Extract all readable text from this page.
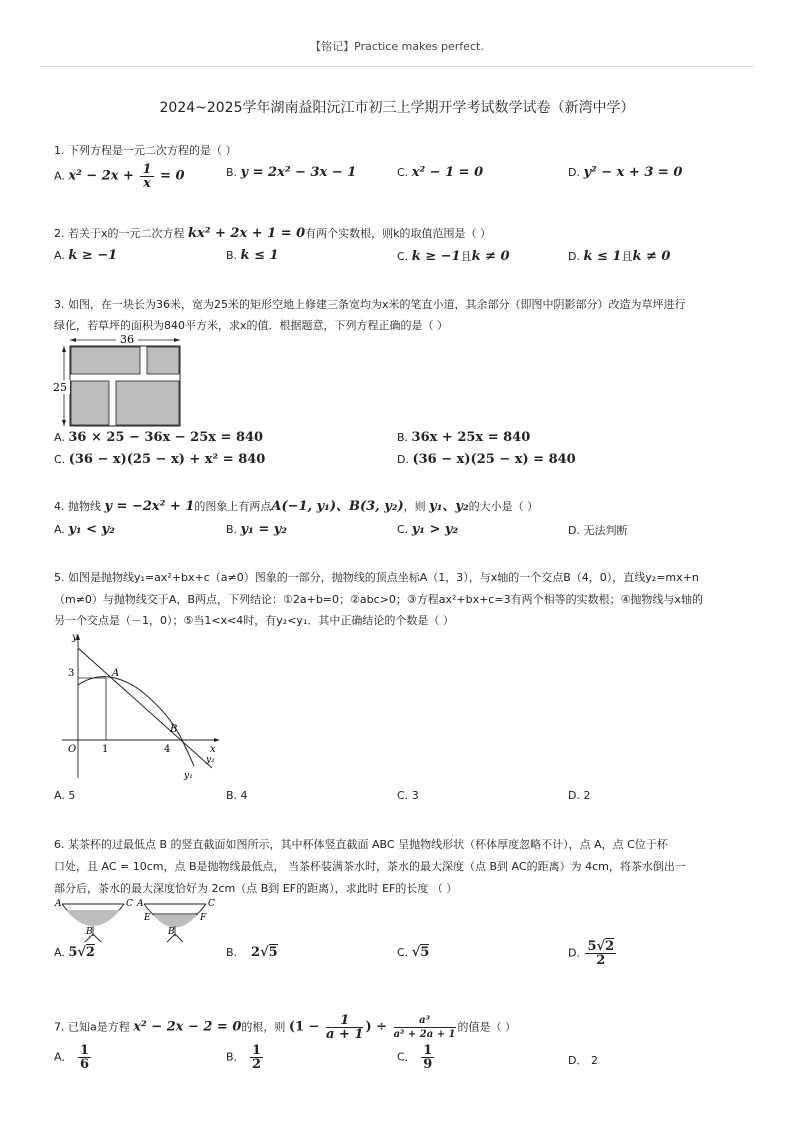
【铭记】Practice makes perfect.
2024~2025学年湖南益阳沅江市初三上学期开学考试数学试卷（新湾中学）
1. 下列方程是一元二次方程的是（ ）
A. $x^2 - 2x + \frac{1}{x} = 0$	B. y = 2x² − 3x − 1	C. x² − 1 = 0	D. y² − x + 3 = 0
2. 若关于x的一元二次方程 kx² + 2x + 1 = 0有两个实数根，则k的取值范围是（ ）
A. k ≥ −1	B. k ≤ 1	C. k ≥ −1且k ≠ 0	D. k ≤ 1且k ≠ 0
3. 如图，在一块长为36米，宽为25米的矩形空地上修建三条宽均为x米的笔直小道，其余部分（即图中阴影部分）改造为草坪进行
绿化，若草坪的面积为840平方米，求x的值．根据题意，下列方程正确的是（ ）
36
25
A. 36 × 25 − 36x − 25x = 840	B. 36x + 25x = 840
C. (36 − x)(25 − x) + x² = 840	D. (36 − x)(25 − x) = 840
4. 抛物线 y = −2x² + 1的图象上有两点A(−1, y₁)、B(3, y₂)，则 y₁、y₂的大小是（ ）
A. y₁ < y₂	B. y₁ = y₂	C. y₁ > y₂	D. 无法判断
5. 如图是抛物线y₁=ax²+bx+c（a≠0）图象的一部分，抛物线的顶点坐标A（1，3），与x轴的一个交点B（4，0），直线y₂=mx+n
（m≠0）与抛物线交于A，B两点，下列结论：①2a+b=0；②abc>0；③方程ax²+bx+c=3有两个相等的实数根；④抛物线与x轴的
另一个交点是（－1，0）；⑤当1<x<4时，有y₂<y₁．其中正确结论的个数是（ ）
y
x
O	1	4
3	A
B
y₂
y₁
A. 5	B. 4	C. 3	D. 2
6. 某茶杯的过最低点 B 的竖直截面如图所示，其中杯体竖直截面 ABC 呈抛物线形状（杯体厚度忽略不计），点 A，点 C位于杯
口处，且 AC = 10cm，点 B是抛物线最低点， 当茶杯装满茶水时，茶水的最大深度（点 B到 AC的距离）为 4cm，将茶水倒出一
部分后，茶水的最大深度恰好为 2cm（点 B到 EF的距离），求此时 EF的长度 （ ）
A	C
B
A	C
E	F
B
A. 5√2	B. 2√5	C. √5	D. $\frac{5√2}{2}$
7. 已知a是方程 x² − 2x − 2 = 0的根，则 ($1 - \frac{1}{a + 1}$ ) ÷ $\frac{\text{a³}}{\text{a² + 2a + 1}}$ 的值是（ ）
A． $\frac{1}{6}$	B． $\frac{1}{2}$	C． $\frac{1}{9}$	D． 2
